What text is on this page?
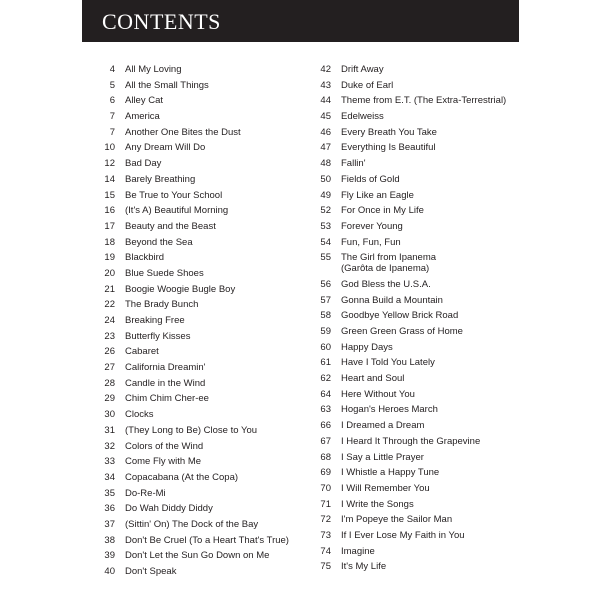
CONTENTS
4 All My Loving
5 All the Small Things
6 Alley Cat
7 America
7 Another One Bites the Dust
10 Any Dream Will Do
12 Bad Day
14 Barely Breathing
15 Be True to Your School
16 (It's A) Beautiful Morning
17 Beauty and the Beast
18 Beyond the Sea
19 Blackbird
20 Blue Suede Shoes
21 Boogie Woogie Bugle Boy
22 The Brady Bunch
24 Breaking Free
23 Butterfly Kisses
26 Cabaret
27 California Dreamin'
28 Candle in the Wind
29 Chim Chim Cher-ee
30 Clocks
31 (They Long to Be) Close to You
32 Colors of the Wind
33 Come Fly with Me
34 Copacabana (At the Copa)
35 Do-Re-Mi
36 Do Wah Diddy Diddy
37 (Sittin' On) The Dock of the Bay
38 Don't Be Cruel (To a Heart That's True)
39 Don't Let the Sun Go Down on Me
40 Don't Speak
42 Drift Away
43 Duke of Earl
44 Theme from E.T. (The Extra-Terrestrial)
45 Edelweiss
46 Every Breath You Take
47 Everything Is Beautiful
48 Fallin'
50 Fields of Gold
49 Fly Like an Eagle
52 For Once in My Life
53 Forever Young
54 Fun, Fun, Fun
55 The Girl from Ipanema
(Garôta de Ipanema)
56 God Bless the U.S.A.
57 Gonna Build a Mountain
58 Goodbye Yellow Brick Road
59 Green Green Grass of Home
60 Happy Days
61 Have I Told You Lately
62 Heart and Soul
64 Here Without You
63 Hogan's Heroes March
66 I Dreamed a Dream
67 I Heard It Through the Grapevine
68 I Say a Little Prayer
69 I Whistle a Happy Tune
70 I Will Remember You
71 I Write the Songs
72 I'm Popeye the Sailor Man
73 If I Ever Lose My Faith in You
74 Imagine
75 It's My Life
